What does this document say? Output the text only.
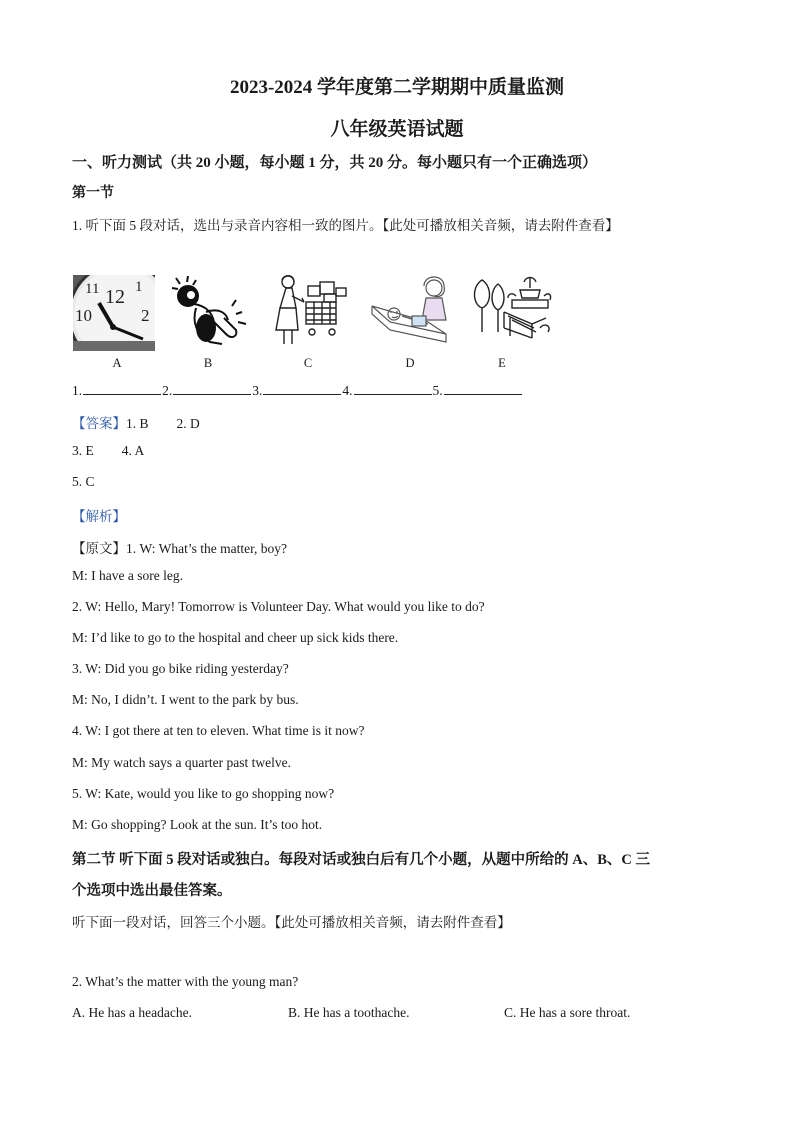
2023-2024 学年度第二学期期中质量监测
八年级英语试题
一、听力测试（共 20 小题，每小题 1 分，共 20 分。每小题只有一个正确选项）
第一节
1. 听下面 5 段对话，选出与录音内容相一致的图片。【此处可播放相关音频，请去附件查看】
12
11
10	2
1
A	B	C	D	E
1.	2.	3.	4.	5.
【答案】1. B 2. D
3. E 4. A
5. C
【解析】
【原文】1. W: What’s the matter, boy?
M: I have a sore leg.
2. W: Hello, Mary! Tomorrow is Volunteer Day. What would you like to do?
M: I’d like to go to the hospital and cheer up sick kids there.
3. W: Did you go bike riding yesterday?
M: No, I didn’t. I went to the park by bus.
4. W: I got there at ten to eleven. What time is it now?
M: My watch says a quarter past twelve.
5. W: Kate, would you like to go shopping now?
M: Go shopping? Look at the sun. It’s too hot.
第二节 听下面 5 段对话或独白。每段对话或独白后有几个小题，从题中所给的 A、B、C 三
个选项中选出最佳答案。
听下面一段对话，回答三个小题。【此处可播放相关音频，请去附件查看】
2. What’s the matter with the young man?
A. He has a headache.	B. He has a toothache.	C. He has a sore throat.
